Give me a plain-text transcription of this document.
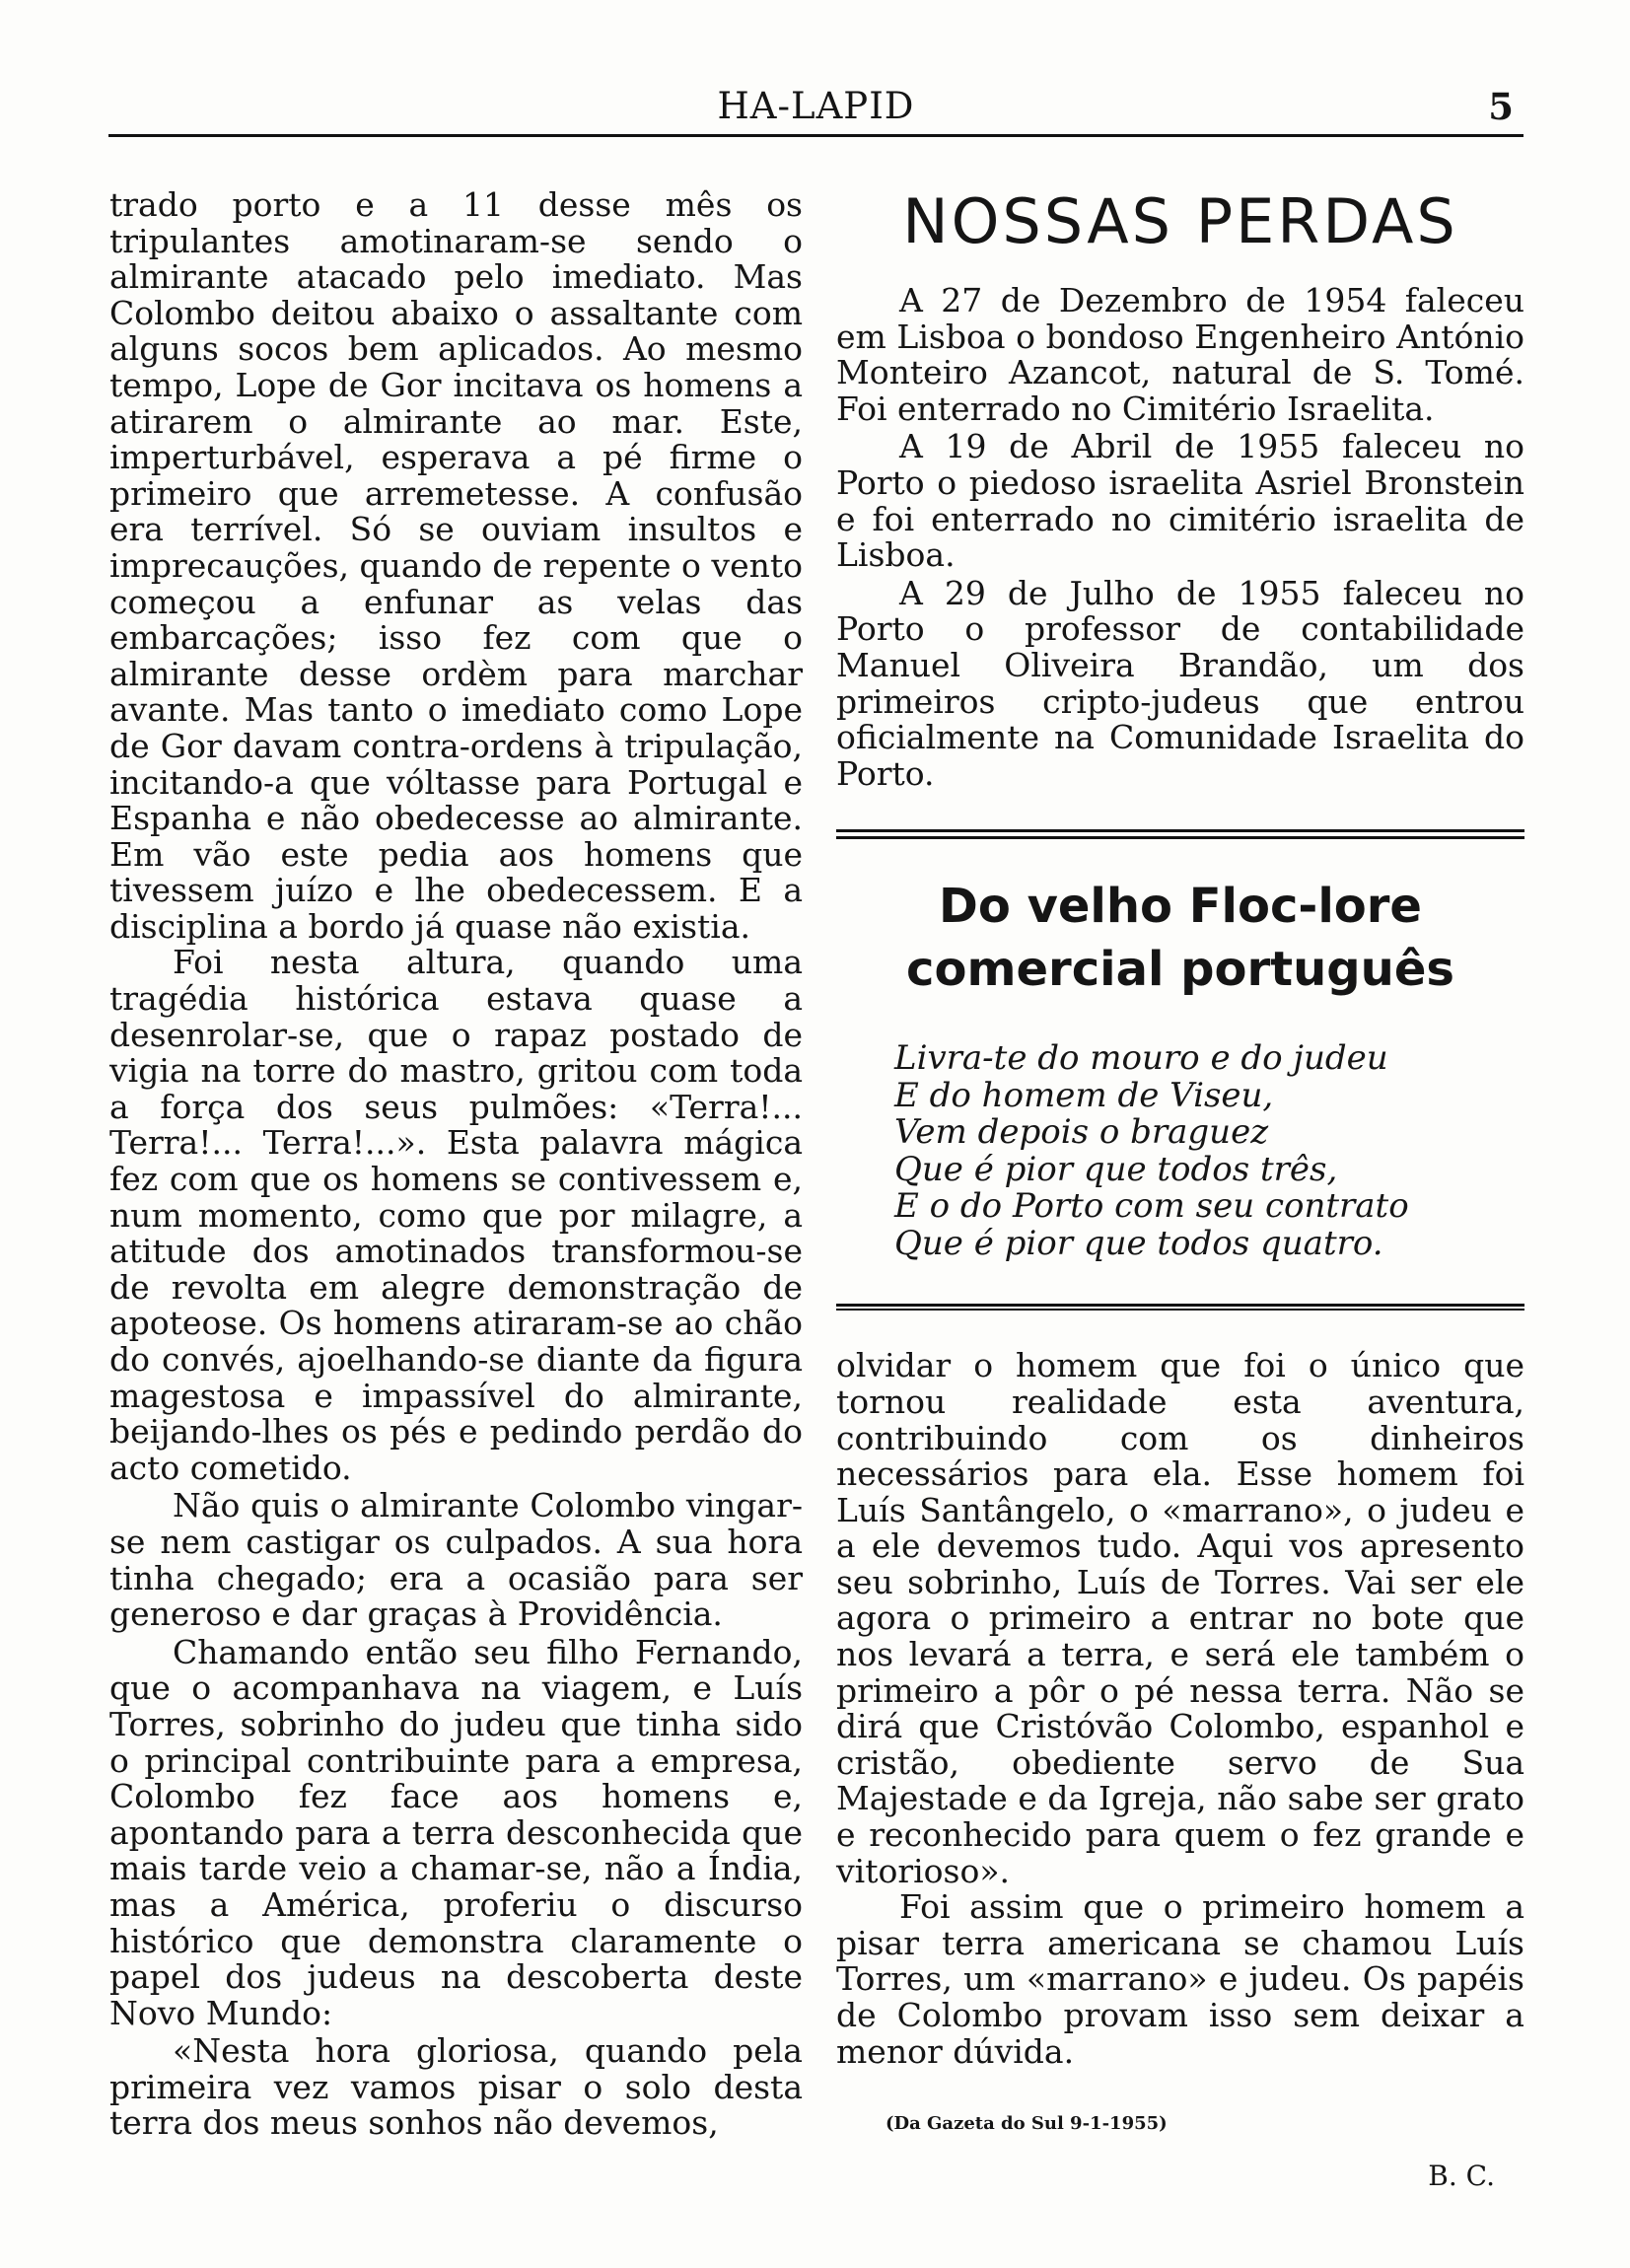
HA-LAPID	5

trado porto e a 11 desse mês os tripulantes amotinaram-se sendo o almirante atacado pelo imediato. Mas Colombo deitou abaixo o assaltante com alguns socos bem aplicados. Ao mesmo tempo, Lope de Gor incitava os homens a atirarem o almirante ao mar. Este, imperturbável, esperava a pé firme o primeiro que arremetesse. A confusão era terrível. Só se ouviam insultos e imprecauções, quando de repente o vento começou a enfunar as velas das embarcações; isso fez com que o almirante desse ordèm para marchar avante. Mas tanto o imediato como Lope de Gor davam contra-ordens à tripulação, incitando-a que vóltasse para Portugal e Espanha e não obedecesse ao almirante. Em vão este pedia aos homens que tivessem juízo e lhe obedecessem. E a disciplina a bordo já quase não existia.

Foi nesta altura, quando uma tragédia histórica estava quase a desenrolar-se, que o rapaz postado de vigia na torre do mastro, gritou com toda a força dos seus pulmões: «Terra!... Terra!... Terra!...». Esta palavra mágica fez com que os homens se contivessem e, num momento, como que por milagre, a atitude dos amotinados transformou-se de revolta em alegre demonstração de apoteose. Os homens atiraram-se ao chão do convés, ajoelhando-se diante da figura magestosa e impassível do almirante, beijando-lhes os pés e pedindo perdão do acto cometido.

Não quis o almirante Colombo vingar-se nem castigar os culpados. A sua hora tinha chegado; era a ocasião para ser generoso e dar graças à Providência.

Chamando então seu filho Fernando, que o acompanhava na viagem, e Luís Torres, sobrinho do judeu que tinha sido o principal contribuinte para a empresa, Colombo fez face aos homens e, apontando para a terra desconhecida que mais tarde veio a chamar-se, não a Índia, mas a América, proferiu o discurso histórico que demonstra claramente o papel dos judeus na descoberta deste Novo Mundo:

«Nesta hora gloriosa, quando pela primeira vez vamos pisar o solo desta terra dos meus sonhos não devemos,

NOSSAS PERDAS

A 27 de Dezembro de 1954 faleceu em Lisboa o bondoso Engenheiro António Monteiro Azancot, natural de S. Tomé. Foi enterrado no Cimitério Israelita.

A 19 de Abril de 1955 faleceu no Porto o piedoso israelita Asriel Bronstein e foi enterrado no cimitério israelita de Lisboa.

A 29 de Julho de 1955 faleceu no Porto o professor de contabilidade Manuel Oliveira Brandão, um dos primeiros cripto-judeus que entrou oficialmente na Comunidade Israelita do Porto.

Do velho Floc-lore comercial português
Livra-te do mouro e do judeu
E do homem de Viseu,
Vem depois o braguez
Que é pior que todos três,
E o do Porto com seu contrato
Que é pior que todos quatro.

olvidar o homem que foi o único que tornou realidade esta aventura, contribuindo com os dinheiros necessários para ela. Esse homem foi Luís Santângelo, o «marrano», o judeu e a ele devemos tudo. Aqui vos apresento seu sobrinho, Luís de Torres. Vai ser ele agora o primeiro a entrar no bote que nos levará a terra, e será ele também o primeiro a pôr o pé nessa terra. Não se dirá que Cristóvão Colombo, espanhol e cristão, obediente servo de Sua Majestade e da Igreja, não sabe ser grato e reconhecido para quem o fez grande e vitorioso».

Foi assim que o primeiro homem a pisar terra americana se chamou Luís Torres, um «marrano» e judeu. Os papéis de Colombo provam isso sem deixar a menor dúvida.

(Da Gazeta do Sul 9-1-1955)
B. C.
